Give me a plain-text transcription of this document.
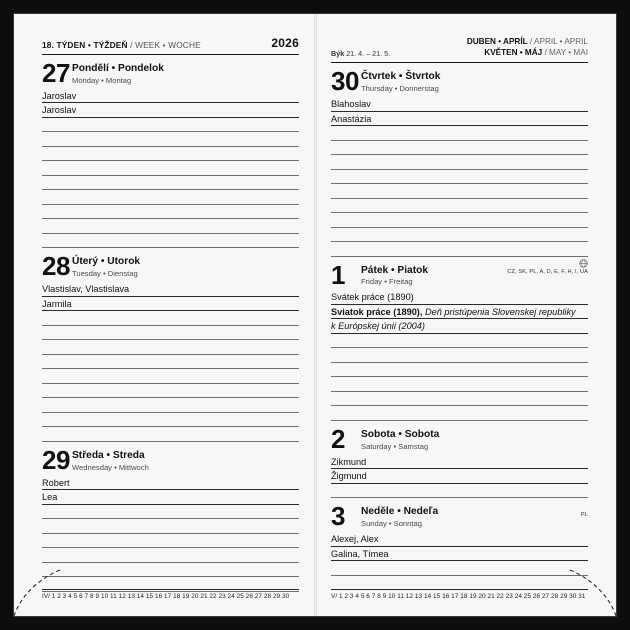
18. TÝDEN • TÝŽDEŇ / WEEK • WOCHE	2026
27 Pondělí • Pondelok
Monday • Montag
Jaroslav
Jaroslav
28 Úterý • Utorok
Tuesday • Dienstag
Vlastislav, Vlastislava
Jarmila
29 Středa • Streda
Wednesday • Mittwoch
Robert
Lea
IV/ 1 2 3 4 5 6 7 8 9 10 11 12 13 14 15 16 17 18 19 20 21 22 23 24 25 26 27 28 29 30
Býk 21. 4. – 21. 5.
DUBEN • APRÍL / APRIL • APRIL
KVĚTEN • MÁJ / MAY • MAI
30 Čtvrtek • Štvrtok
Thursday • Donnerstag
Blahoslav
Anastázia
1	Pátek • Piatok
Friday • Freitag
CZ, SK, PL, A, D, E, F, H, I, UA
Svátek práce (1890)
Sviatok práce (1890), Deň pristúpenia Slovenskej republiky
k Európskej únii (2004)
2	Sobota • Sobota
Saturday • Samstag
Zikmund
Žigmund
3	Neděle • Nedeľa
Sunday • Sonntag
PL
Alexej, Alex
Galina, Tímea
V/ 1 2 3 4 5 6 7 8 9 10 11 12 13 14 15 16 17 18 19 20 21 22 23 24 25 26 27 28 29 30 31
